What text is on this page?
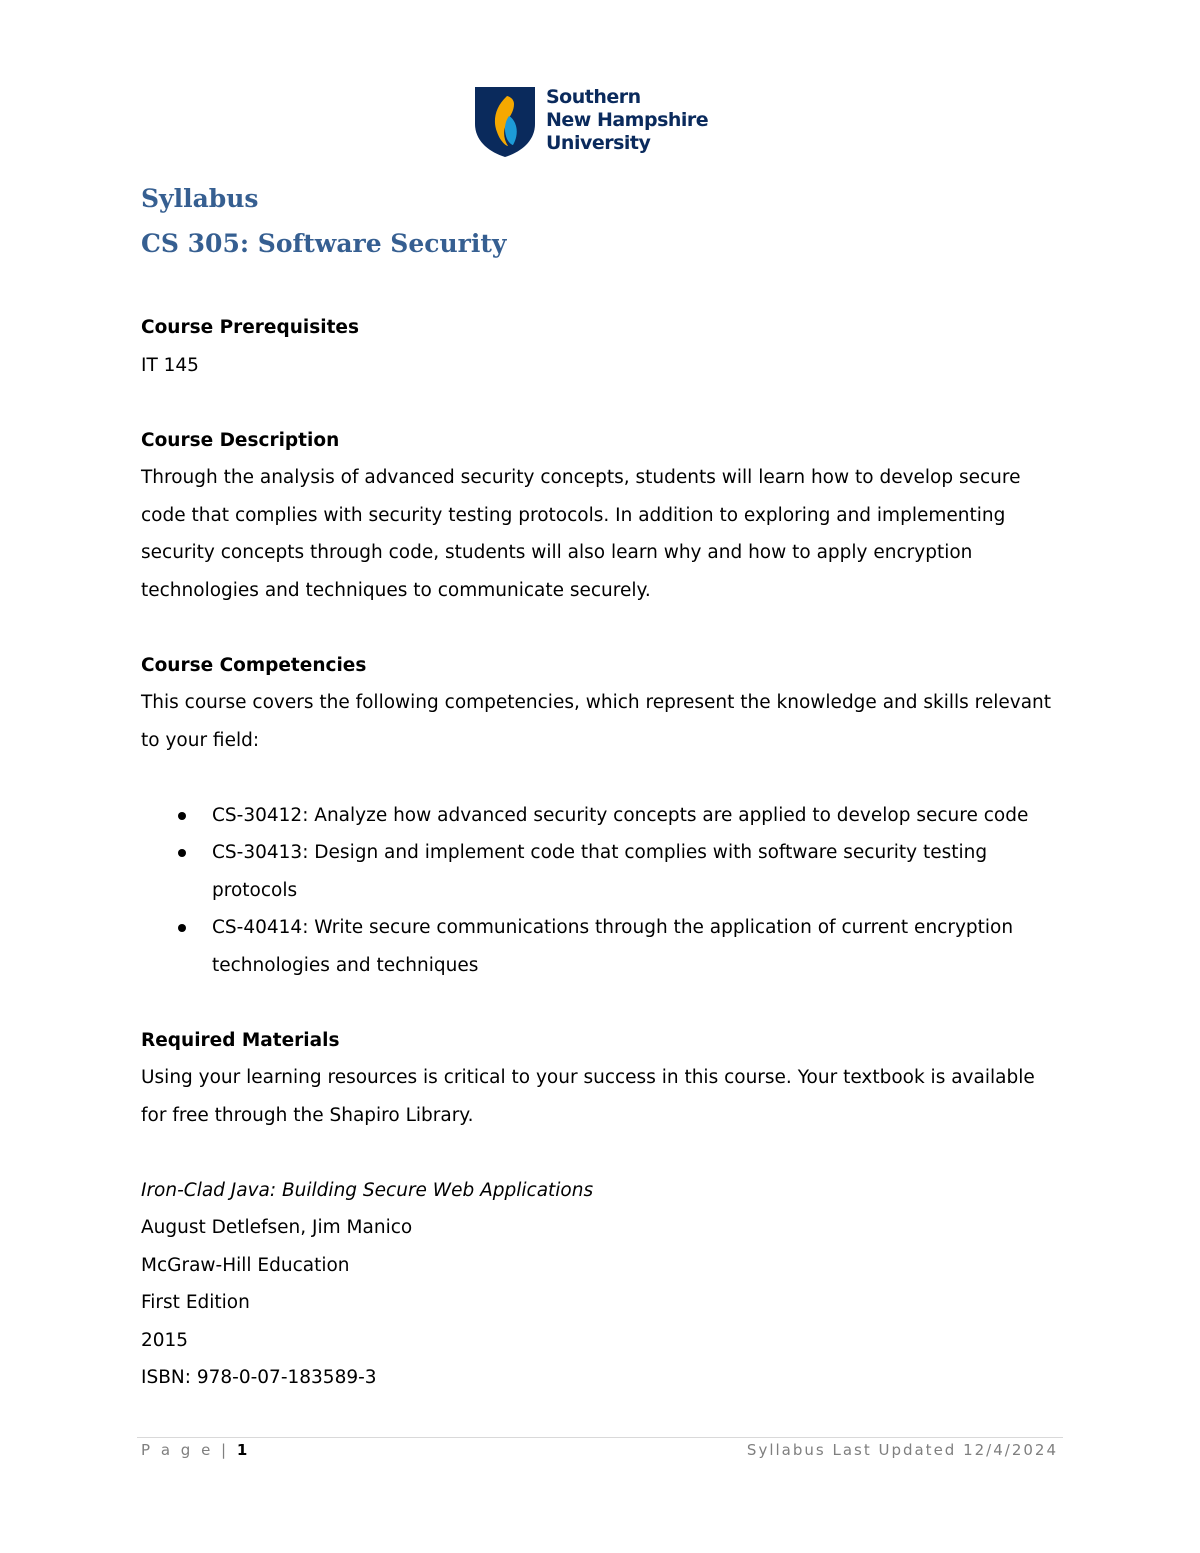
Southern
New Hampshire
University
Syllabus
CS 305: Software Security
Course Prerequisites
IT 145
Course Description

Through the analysis of advanced security concepts, students will learn how to develop secure code that complies with security testing protocols. In addition to exploring and implementing security concepts through code, students will also learn why and how to apply encryption technologies and techniques to communicate securely.

Course Competencies

This course covers the following competencies, which represent the knowledge and skills relevant to your field:

CS-30412: Analyze how advanced security concepts are applied to develop secure code
CS-30413: Design and implement code that complies with software security testing protocols
CS-40414: Write secure communications through the application of current encryption technologies and techniques
Required Materials

Using your learning resources is critical to your success in this course. Your textbook is available for free through the Shapiro Library.

Iron-Clad Java: Building Secure Web Applications
August Detlefsen, Jim Manico
McGraw-Hill Education
First Edition
2015
ISBN: 978-0-07-183589-3
P a g e | 1	Syllabus Last Updated 12/4/2024
